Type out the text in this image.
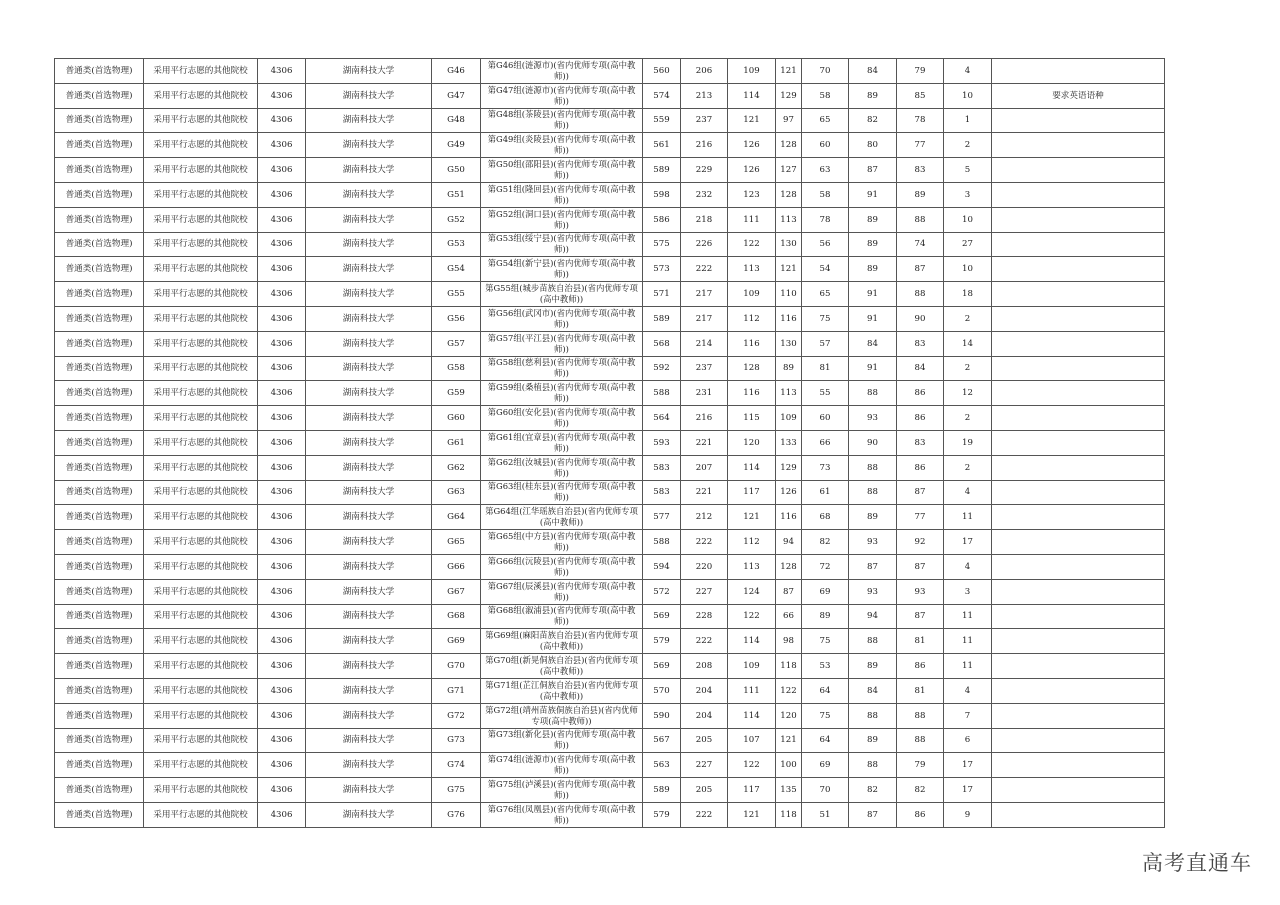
普通类(首选物理)	采用平行志愿的其他院校	4306	湖南科技大学	G46	第G46组(涟源市)(省内优师专项(高中教师))	560	206	109	121	70	84	79	4	
普通类(首选物理)	采用平行志愿的其他院校	4306	湖南科技大学	G47	第G47组(涟源市)(省内优师专项(高中教师))	574	213	114	129	58	89	85	10	要求英语语种
普通类(首选物理)	采用平行志愿的其他院校	4306	湖南科技大学	G48	第G48组(茶陵县)(省内优师专项(高中教师))	559	237	121	97	65	82	78	1	
普通类(首选物理)	采用平行志愿的其他院校	4306	湖南科技大学	G49	第G49组(炎陵县)(省内优师专项(高中教师))	561	216	126	128	60	80	77	2	
普通类(首选物理)	采用平行志愿的其他院校	4306	湖南科技大学	G50	第G50组(邵阳县)(省内优师专项(高中教师))	589	229	126	127	63	87	83	5	
普通类(首选物理)	采用平行志愿的其他院校	4306	湖南科技大学	G51	第G51组(隆回县)(省内优师专项(高中教师))	598	232	123	128	58	91	89	3	
普通类(首选物理)	采用平行志愿的其他院校	4306	湖南科技大学	G52	第G52组(洞口县)(省内优师专项(高中教师))	586	218	111	113	78	89	88	10	
普通类(首选物理)	采用平行志愿的其他院校	4306	湖南科技大学	G53	第G53组(绥宁县)(省内优师专项(高中教师))	575	226	122	130	56	89	74	27	
普通类(首选物理)	采用平行志愿的其他院校	4306	湖南科技大学	G54	第G54组(新宁县)(省内优师专项(高中教师))	573	222	113	121	54	89	87	10	
普通类(首选物理)	采用平行志愿的其他院校	4306	湖南科技大学	G55	第G55组(城步苗族自治县)(省内优师专项(高中教师))	571	217	109	110	65	91	88	18	
普通类(首选物理)	采用平行志愿的其他院校	4306	湖南科技大学	G56	第G56组(武冈市)(省内优师专项(高中教师))	589	217	112	116	75	91	90	2	
普通类(首选物理)	采用平行志愿的其他院校	4306	湖南科技大学	G57	第G57组(平江县)(省内优师专项(高中教师))	568	214	116	130	57	84	83	14	
普通类(首选物理)	采用平行志愿的其他院校	4306	湖南科技大学	G58	第G58组(慈利县)(省内优师专项(高中教师))	592	237	128	89	81	91	84	2	
普通类(首选物理)	采用平行志愿的其他院校	4306	湖南科技大学	G59	第G59组(桑植县)(省内优师专项(高中教师))	588	231	116	113	55	88	86	12	
普通类(首选物理)	采用平行志愿的其他院校	4306	湖南科技大学	G60	第G60组(安化县)(省内优师专项(高中教师))	564	216	115	109	60	93	86	2	
普通类(首选物理)	采用平行志愿的其他院校	4306	湖南科技大学	G61	第G61组(宜章县)(省内优师专项(高中教师))	593	221	120	133	66	90	83	19	
普通类(首选物理)	采用平行志愿的其他院校	4306	湖南科技大学	G62	第G62组(汝城县)(省内优师专项(高中教师))	583	207	114	129	73	88	86	2	
普通类(首选物理)	采用平行志愿的其他院校	4306	湖南科技大学	G63	第G63组(桂东县)(省内优师专项(高中教师))	583	221	117	126	61	88	87	4	
普通类(首选物理)	采用平行志愿的其他院校	4306	湖南科技大学	G64	第G64组(江华瑶族自治县)(省内优师专项(高中教师))	577	212	121	116	68	89	77	11	
普通类(首选物理)	采用平行志愿的其他院校	4306	湖南科技大学	G65	第G65组(中方县)(省内优师专项(高中教师))	588	222	112	94	82	93	92	17	
普通类(首选物理)	采用平行志愿的其他院校	4306	湖南科技大学	G66	第G66组(沅陵县)(省内优师专项(高中教师))	594	220	113	128	72	87	87	4	
普通类(首选物理)	采用平行志愿的其他院校	4306	湖南科技大学	G67	第G67组(辰溪县)(省内优师专项(高中教师))	572	227	124	87	69	93	93	3	
普通类(首选物理)	采用平行志愿的其他院校	4306	湖南科技大学	G68	第G68组(溆浦县)(省内优师专项(高中教师))	569	228	122	66	89	94	87	11	
普通类(首选物理)	采用平行志愿的其他院校	4306	湖南科技大学	G69	第G69组(麻阳苗族自治县)(省内优师专项(高中教师))	579	222	114	98	75	88	81	11	
普通类(首选物理)	采用平行志愿的其他院校	4306	湖南科技大学	G70	第G70组(新晃侗族自治县)(省内优师专项(高中教师))	569	208	109	118	53	89	86	11	
普通类(首选物理)	采用平行志愿的其他院校	4306	湖南科技大学	G71	第G71组(芷江侗族自治县)(省内优师专项(高中教师))	570	204	111	122	64	84	81	4	
普通类(首选物理)	采用平行志愿的其他院校	4306	湖南科技大学	G72	第G72组(靖州苗族侗族自治县)(省内优师专项(高中教师))	590	204	114	120	75	88	88	7	
普通类(首选物理)	采用平行志愿的其他院校	4306	湖南科技大学	G73	第G73组(新化县)(省内优师专项(高中教师))	567	205	107	121	64	89	88	6	
普通类(首选物理)	采用平行志愿的其他院校	4306	湖南科技大学	G74	第G74组(涟源市)(省内优师专项(高中教师))	563	227	122	100	69	88	79	17	
普通类(首选物理)	采用平行志愿的其他院校	4306	湖南科技大学	G75	第G75组(泸溪县)(省内优师专项(高中教师))	589	205	117	135	70	82	82	17	
普通类(首选物理)	采用平行志愿的其他院校	4306	湖南科技大学	G76	第G76组(凤凰县)(省内优师专项(高中教师))	579	222	121	118	51	87	86	9	
高考直通车
